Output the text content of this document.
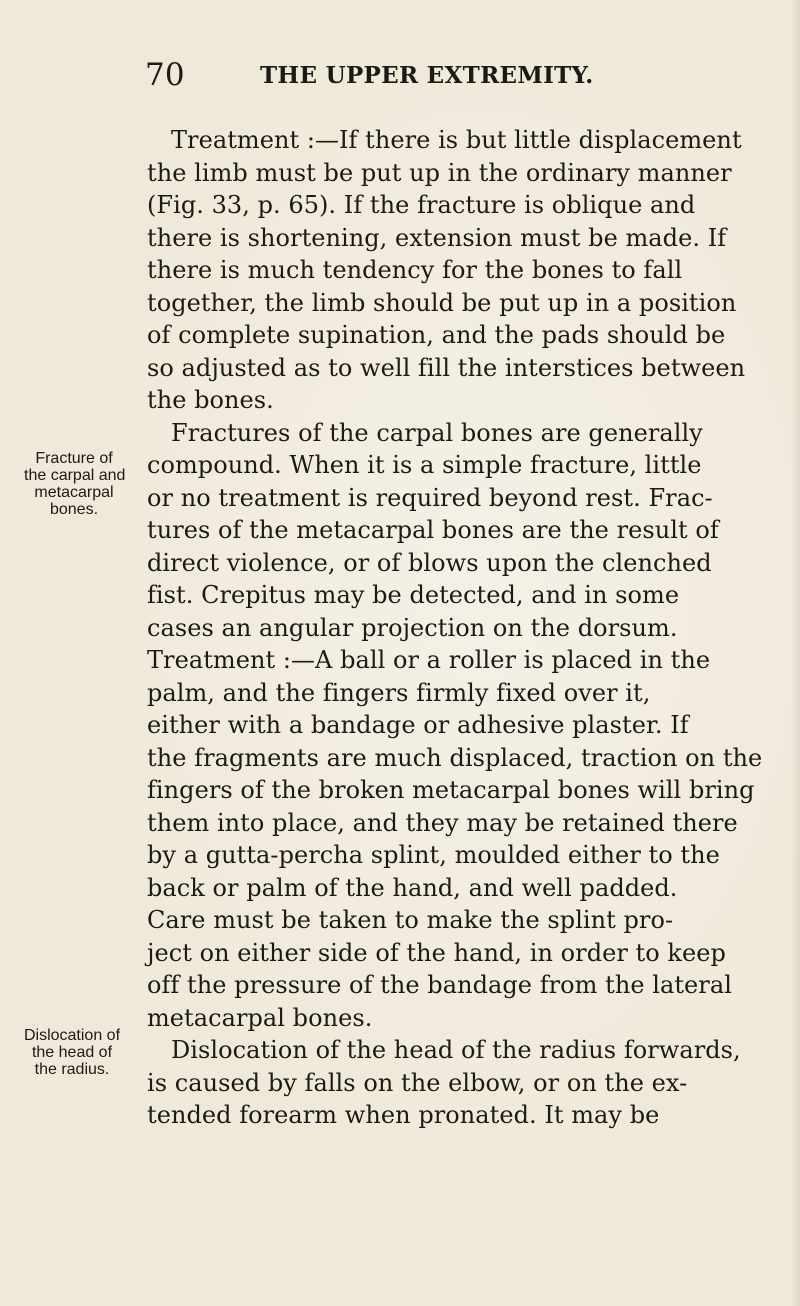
70	THE UPPER EXTREMITY.
Fracture of
the carpal and
metacarpal
bones.
Dislocation of
the head of
the radius.
Treatment :—If there is but little displacement
the limb must be put up in the ordinary manner
(Fig. 33, p. 65). If the fracture is oblique and
there is shortening, extension must be made. If
there is much tendency for the bones to fall
together, the limb should be put up in a position
of complete supination, and the pads should be
so adjusted as to well fill the interstices between
the bones.
Fractures of the carpal bones are generally
compound. When it is a simple fracture, little
or no treatment is required beyond rest. Frac-
tures of the metacarpal bones are the result of
direct violence, or of blows upon the clenched
fist. Crepitus may be detected, and in some
cases an angular projection on the dorsum.
Treatment :—A ball or a roller is placed in the
palm, and the fingers firmly fixed over it,
either with a bandage or adhesive plaster. If
the fragments are much displaced, traction on the
fingers of the broken metacarpal bones will bring
them into place, and they may be retained there
by a gutta-percha splint, moulded either to the
back or palm of the hand, and well padded.
Care must be taken to make the splint pro-
ject on either side of the hand, in order to keep
off the pressure of the bandage from the lateral
metacarpal bones.
Dislocation of the head of the radius forwards,
is caused by falls on the elbow, or on the ex-
tended forearm when pronated. It may be
